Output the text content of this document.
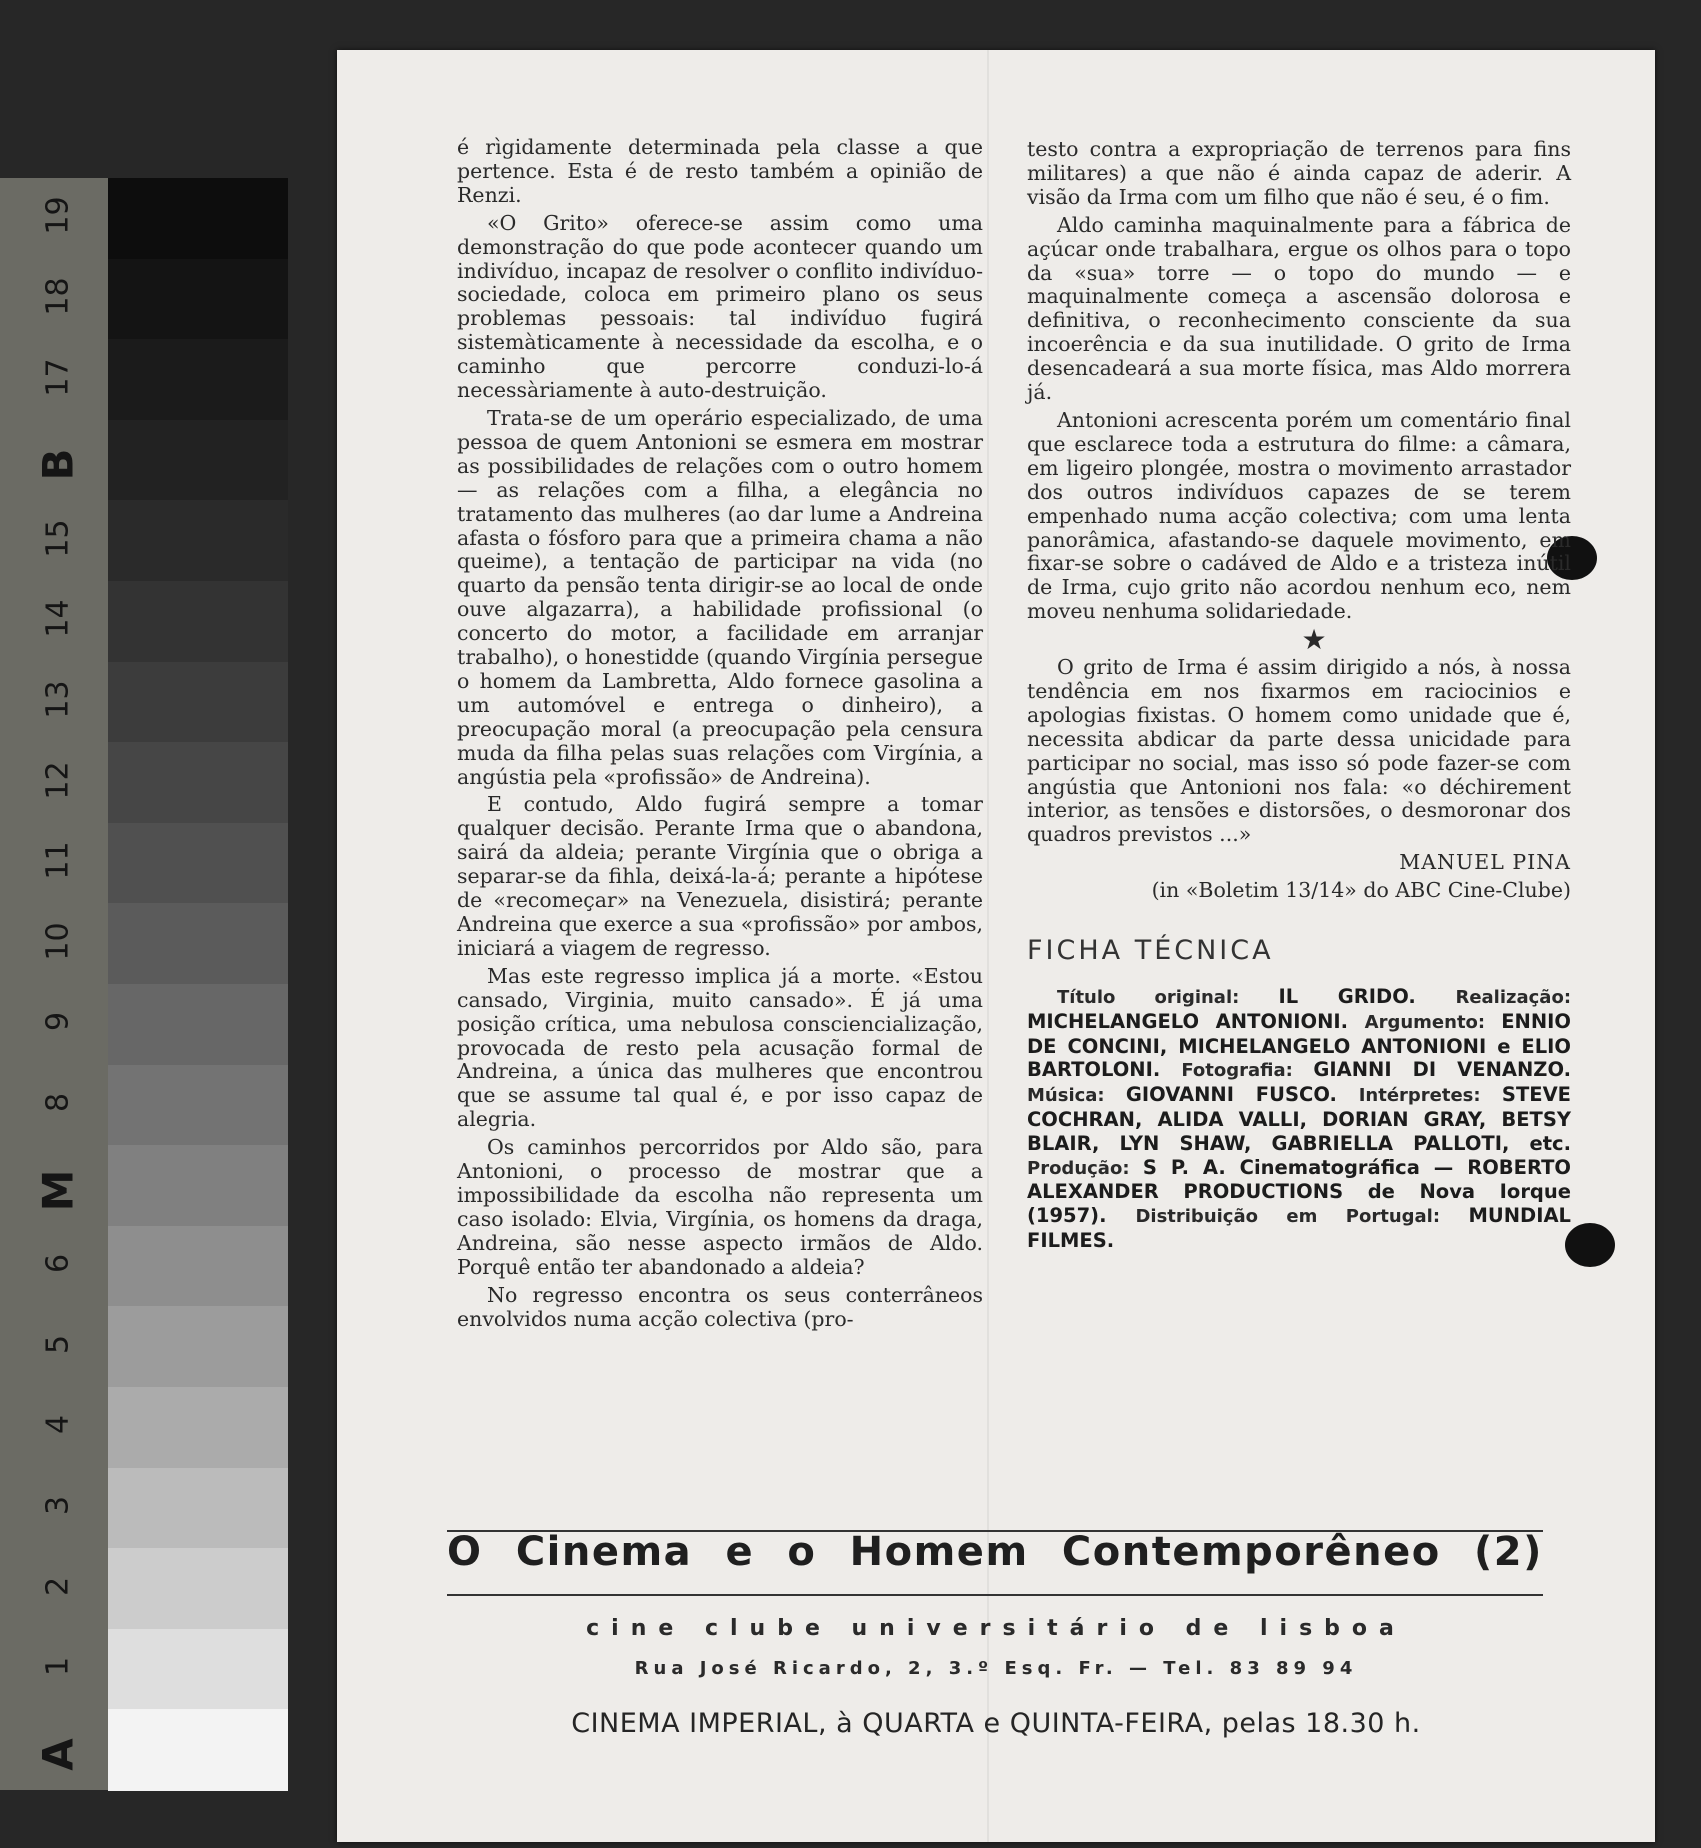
19
18
17
B
15
14
13
12
11
10
9
8
M
6
5
4
3
2
1
A

é rìgidamente determinada pela classe a que pertence. Esta é de resto também a opinião de Renzi.

«O Grito» oferece-se assim como uma demonstração do que pode acontecer quando um indivíduo, incapaz de resolver o conflito indivíduo-sociedade, coloca em primeiro plano os seus problemas pessoais: tal indivíduo fugirá sistemàticamente à necessidade da escolha, e o caminho que percorre conduzi-lo-á necessàriamente à auto-destruição.

Trata-se de um operário especializado, de uma pessoa de quem Antonioni se esmera em mostrar as possibilidades de relações com o outro homem — as relações com a filha, a elegância no tratamento das mulheres (ao dar lume a Andreina afasta o fósforo para que a primeira chama a não queime), a tentação de participar na vida (no quarto da pensão tenta dirigir-se ao local de onde ouve algazarra), a habilidade profissional (o concerto do motor, a facilidade em arranjar trabalho), o honestidde (quando Virgínia persegue o homem da Lambretta, Aldo fornece gasolina a um automóvel e entrega o dinheiro), a preocupação moral (a preocupação pela censura muda da filha pelas suas relações com Virgínia, a angústia pela «profissão» de Andreina).

E contudo, Aldo fugirá sempre a tomar qualquer decisão. Perante Irma que o abandona, sairá da aldeia; perante Virgínia que o obriga a separar-se da fihla, deixá-la-á; perante a hipótese de «recomeçar» na Venezuela, disistirá; perante Andreina que exerce a sua «profissão» por ambos, iniciará a viagem de regresso.

Mas este regresso implica já a morte. «Estou cansado, Virginia, muito cansado». É já uma posição crítica, uma nebulosa consciencialização, provocada de resto pela acusação formal de Andreina, a única das mulheres que encontrou que se assume tal qual é, e por isso capaz de alegria.

Os caminhos percorridos por Aldo são, para Antonioni, o processo de mostrar que a impossibilidade da escolha não representa um caso isolado: Elvia, Virgínia, os homens da draga, Andreina, são nesse aspecto irmãos de Aldo. Porquê então ter abandonado a aldeia?

No regresso encontra os seus conterrâneos envolvidos numa acção colectiva (pro-

testo contra a expropriação de terrenos para fins militares) a que não é ainda capaz de aderir. A visão da Irma com um filho que não é seu, é o fim.

Aldo caminha maquinalmente para a fábrica de açúcar onde trabalhara, ergue os olhos para o topo da «sua» torre — o topo do mundo — e maquinalmente começa a ascensão dolorosa e definitiva, o reconhecimento consciente da sua incoerência e da sua inutilidade. O grito de Irma desencadeará a sua morte física, mas Aldo morrera já.

Antonioni acrescenta porém um comentário final que esclarece toda a estrutura do filme: a câmara, em ligeiro plongée, mostra o movimento arrastador dos outros indivíduos capazes de se terem empenhado numa acção colectiva; com uma lenta panorâmica, afastando-se daquele movimento, em fixar-se sobre o cadáved de Aldo e a tristeza inútil de Irma, cujo grito não acordou nenhum eco, nem moveu nenhuma solidariedade.

★

O grito de Irma é assim dirigido a nós, à nossa tendência em nos fixarmos em raciocinios e apologias fixistas. O homem como unidade que é, necessita abdicar da parte dessa unicidade para participar no social, mas isso só pode fazer-se com angústia que Antonioni nos fala: «o déchirement interior, as tensões e distorsões, o desmoronar dos quadros previstos ...»

MANUEL PINA

(in «Boletim 13/14» do ABC Cine-Clube)

FICHA TÉCNICA

Título original: IL GRIDO. Realização: MICHELANGELO ANTONIONI. Argumento: ENNIO DE CONCINI, MICHELANGELO ANTONIONI e ELIO BARTOLONI. Fotografia: GIANNI DI VENANZO. Música: GIOVANNI FUSCO. Intérpretes: STEVE COCHRAN, ALIDA VALLI, DORIAN GRAY, BETSY BLAIR, LYN SHAW, GABRIELLA PALLOTI, etc. Produção: S P. A. Cinematográfica — ROBERTO ALEXANDER PRODUCTIONS de Nova Iorque (1957). Distribuição em Portugal: MUNDIAL FILMES.

O Cinema e o Homem Contemporêneo (2)
cine clube universitário de lisboa
Rua José Ricardo, 2, 3.º Esq. Fr. — Tel. 83 89 94
CINEMA IMPERIAL, à QUARTA e QUINTA-FEIRA, pelas 18.30 h.
